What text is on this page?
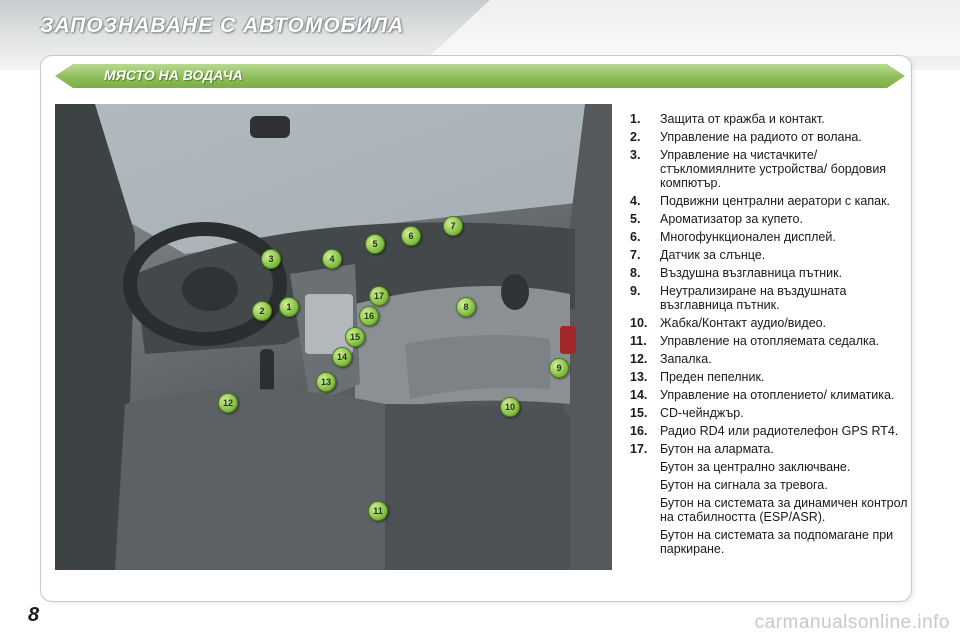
ЗАПОЗНАВАНЕ С АВТОМОБИЛА
МЯСТО НА ВОДАЧА
1
2
3	4
5
6
7
8
9
10
11
12
13
14
15
16
17
1.	Защита от кражба и контакт.
2.	Управление на радиото от волана.
3.	Управление на чистачките/ стъкломиялните устройства/ бордовия компютър.
4.	Подвижни централни аератори с капак.
5.	Ароматизатор за купето.
6.	Многофункционален дисплей.
7.	Датчик за слънце.
8.	Въздушна възглавница пътник.
9.	Неутрализиране на въздушната възглавница пътник.
10.	Жабка/Контакт аудио/видео.
11.	Управление на отопляемата седалка.
12.	Запалка.
13.	Преден пепелник.
14.	Управление на отоплението/ климатика.
15.	CD-чейнджър.
16.	Радио RD4 или радиотелефон GPS RT4.
17.	Бутон на алармата.
Бутон за централно заключване.
Бутон на сигнала за тревога.
Бутон на системата за динамичен контрол на стабилността (ESP/ASR).
Бутон на системата за подпомагане при паркиране.
8	carmanualsonline.info
